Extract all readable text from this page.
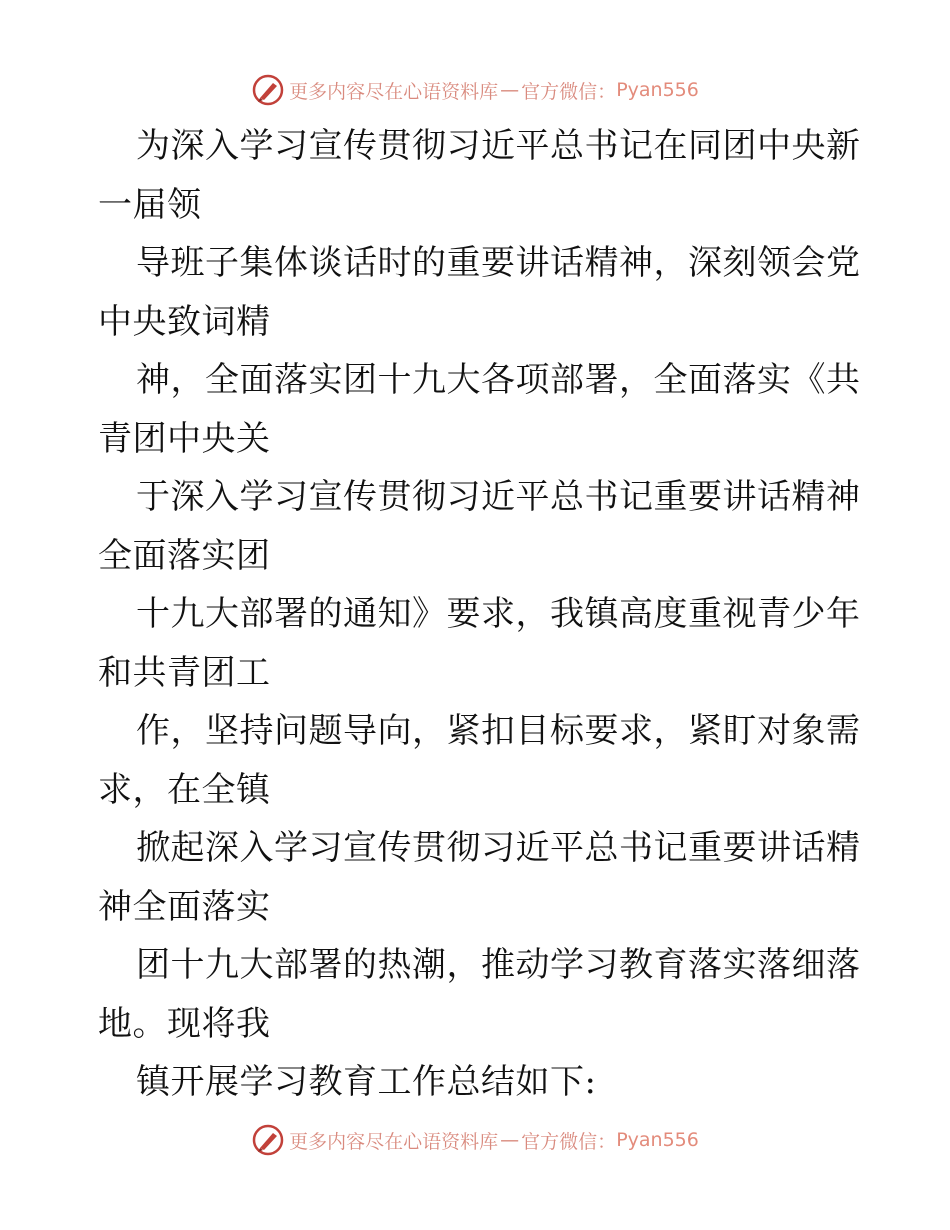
更多内容尽在心语资料库 — 官方微信： Pyan556
为深入学习宣传贯彻习近平总书记在同团中央新
一届领
导班子集体谈话时的重要讲话精神，深刻领会党
中央致词精
神，全面落实团十九大各项部署，全面落实《共
青团中央关
于深入学习宣传贯彻习近平总书记重要讲话精神
全面落实团
十九大部署的通知》要求，我镇高度重视青少年
和共青团工
作，坚持问题导向，紧扣目标要求，紧盯对象需
求，在全镇
掀起深入学习宣传贯彻习近平总书记重要讲话精
神全面落实
团十九大部署的热潮，推动学习教育落实落细落
地。现将我
镇开展学习教育工作总结如下:
更多内容尽在心语资料库 — 官方微信： Pyan556
